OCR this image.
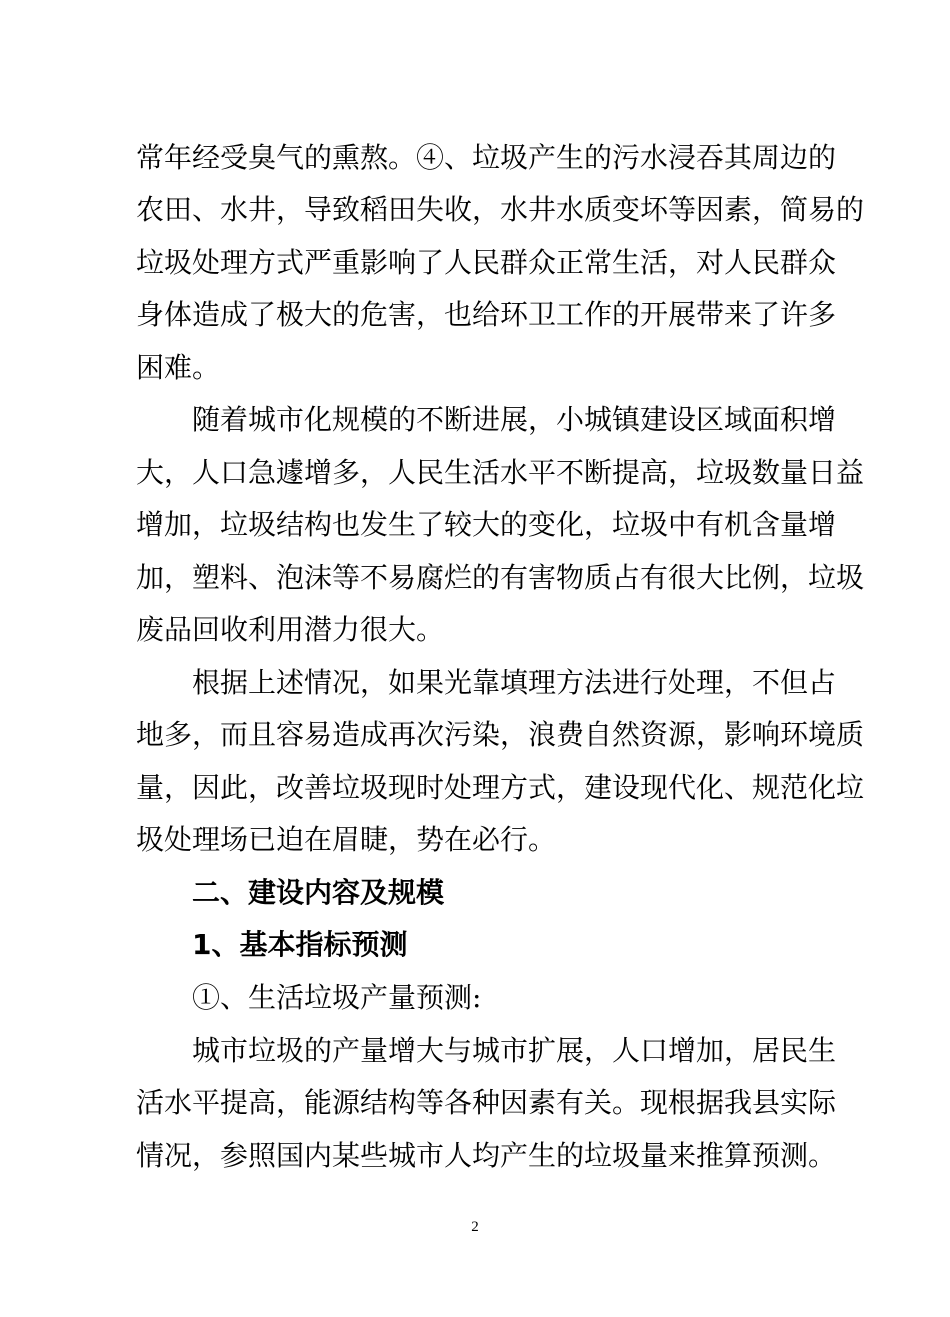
常年经受臭气的熏熬。④、垃圾产生的污水浸吞其周边的
农田、水井，导致稻田失收，水井水质变坏等因素，简易的
垃圾处理方式严重影响了人民群众正常生活，对人民群众
身体造成了极大的危害，也给环卫工作的开展带来了许多
困难。
随着城市化规模的不断进展，小城镇建设区域面积增
大，人口急遽增多，人民生活水平不断提高，垃圾数量日益
增加，垃圾结构也发生了较大的变化，垃圾中有机含量增
加，塑料、泡沫等不易腐烂的有害物质占有很大比例，垃圾
废品回收利用潜力很大。
根据上述情况，如果光靠填理方法进行处理，不但占
地多，而且容易造成再次污染，浪费自然资源，影响环境质
量，因此，改善垃圾现时处理方式，建设现代化、规范化垃
圾处理场已迫在眉睫，势在必行。
二、建设内容及规模
1、基本指标预测
①、生活垃圾产量预测:
城市垃圾的产量增大与城市扩展，人口增加，居民生
活水平提高，能源结构等各种因素有关。现根据我县实际
情况，参照国内某些城市人均产生的垃圾量来推算预测。
2
